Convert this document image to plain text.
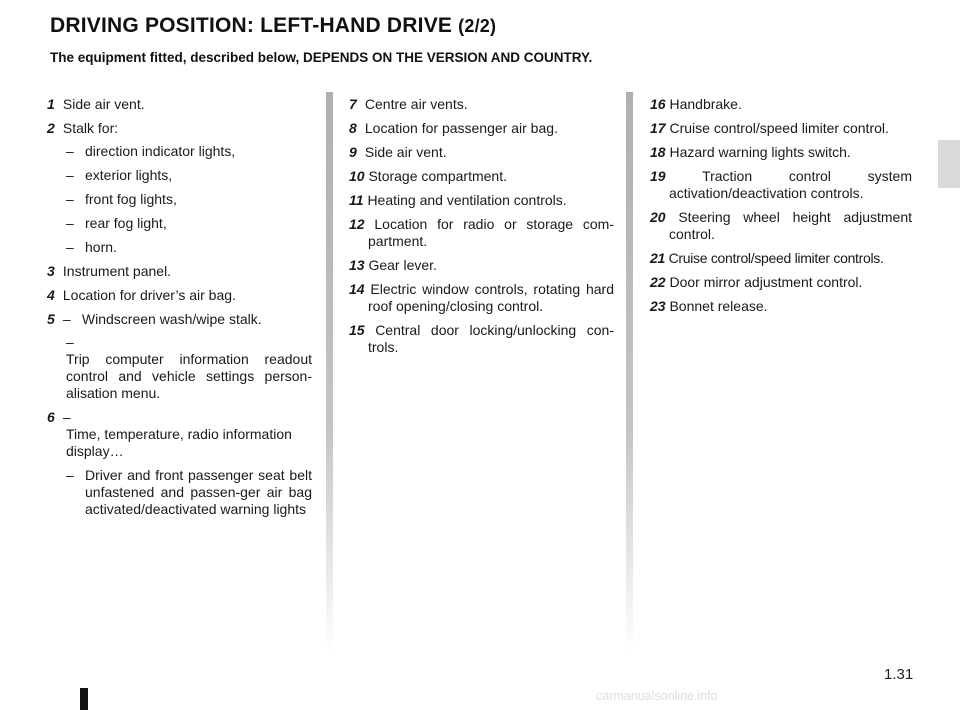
DRIVING POSITION: LEFT-HAND DRIVE (2/2)
The equipment fitted, described below, DEPENDS ON THE VERSION AND COUNTRY.
1 Side air vent.
2 Stalk for:
– direction indicator lights,
– exterior lights,
– front fog lights,
– rear fog light,
– horn.
3 Instrument panel.
4 Location for driver’s air bag.
5 – Windscreen wash/wipe stalk.
–
Trip computer information readout control and vehicle settings person-alisation menu.
6 –
Time, temperature, radio information display…
– Driver and front passenger seat belt unfastened and passen-ger air bag activated/deactivated warning lights
7 Centre air vents.
8 Location for passenger air bag.
9 Side air vent.
10 Storage compartment.
11 Heating and ventilation controls.
12 Location for radio or storage com-partment.
13 Gear lever.
14 Electric window controls, rotating hard roof opening/closing control.
15 Central door locking/unlocking con-trols.
16 Handbrake.
17 Cruise control/speed limiter control.
18 Hazard warning lights switch.
19	Traction control system activation/deactivation controls.
20 Steering wheel height adjustment control.
21 Cruise control/speed limiter controls.
22 Door mirror adjustment control.
23 Bonnet release.
1.31
carmanualsonline.info
